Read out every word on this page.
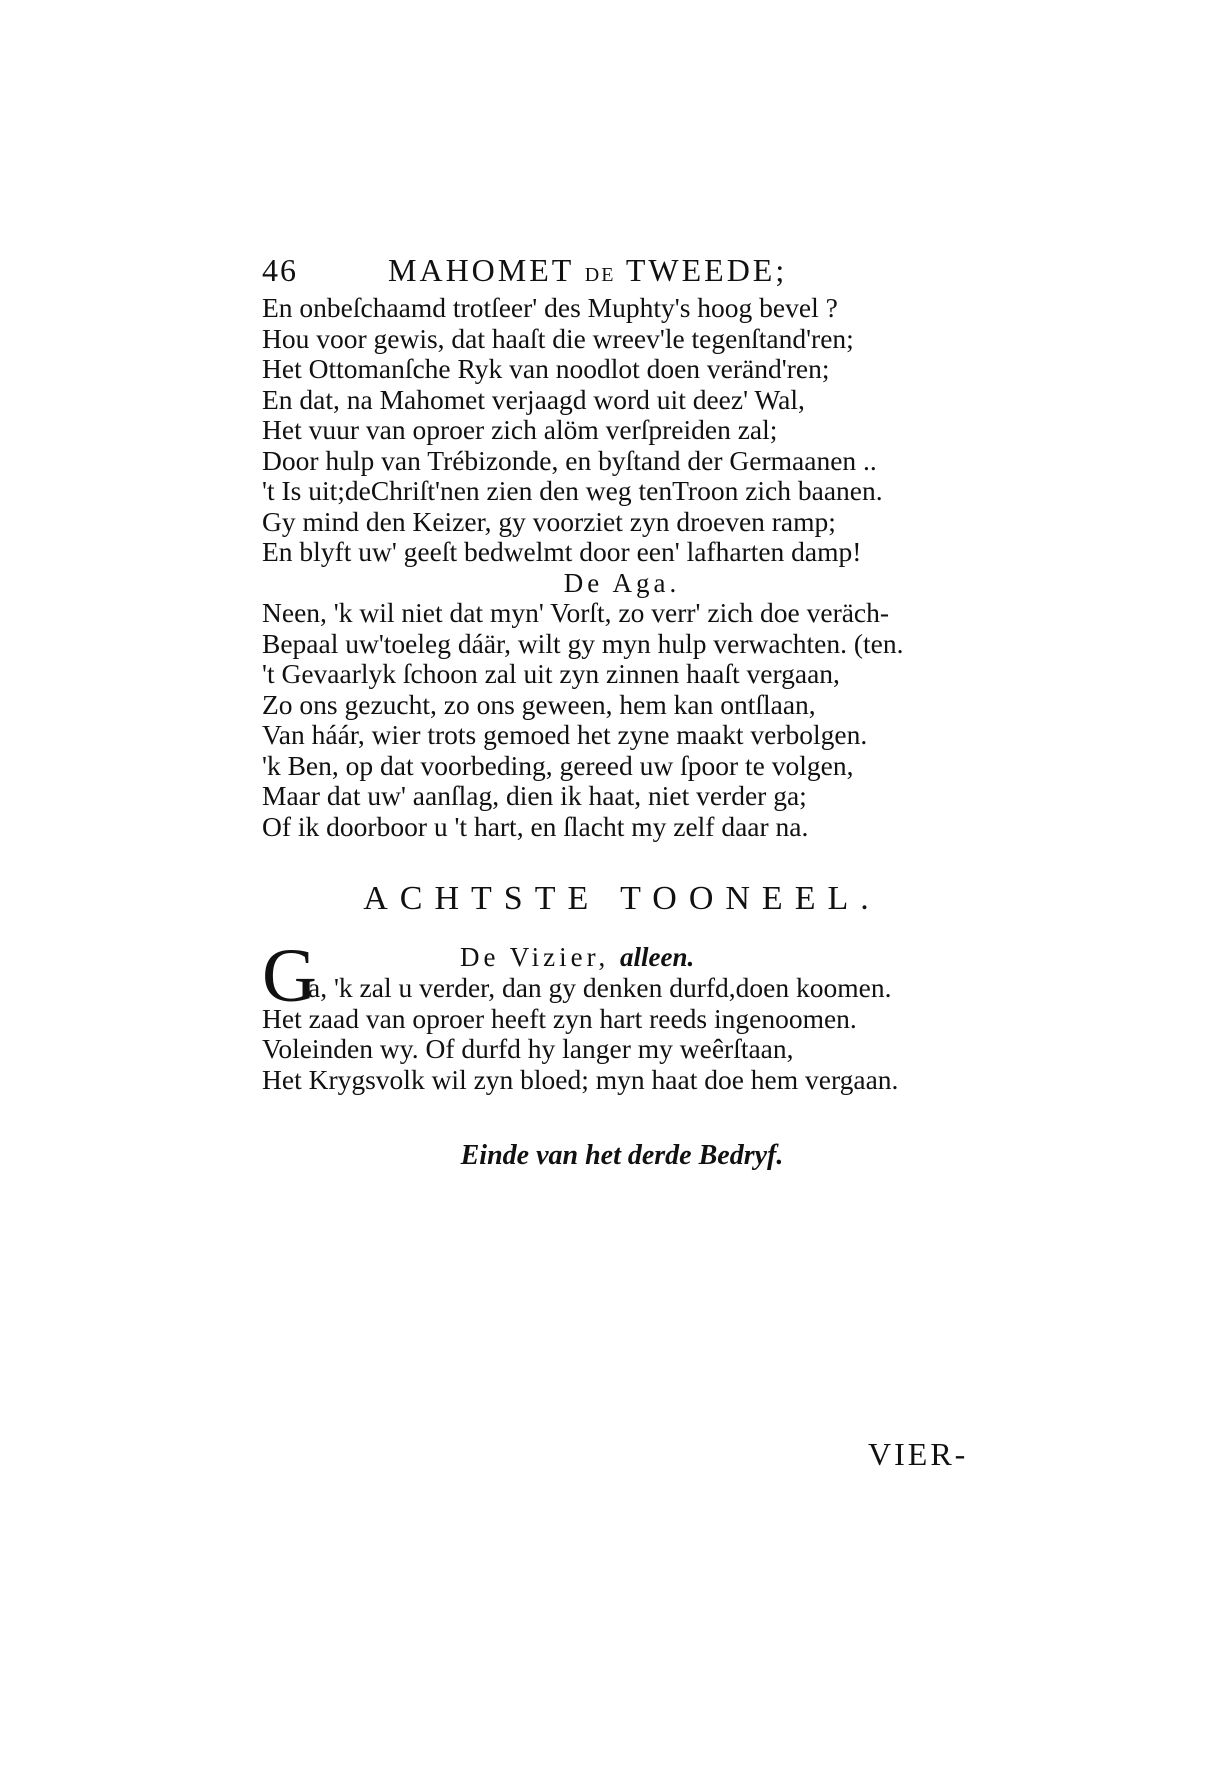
46	MAHOMET DE TWEEDE;
En onbeſchaamd trotſeer' des Muphty's hoog bevel ?
Hou voor gewis, dat haaſt die wreev'le tegenſtand'ren;
Het Ottomanſche Ryk van noodlot doen veränd'ren;
En dat, na Mahomet verjaagd word uit deez' Wal,
Het vuur van oproer zich alöm verſpreiden zal;
Door hulp van Trébizonde, en byſtand der Germaanen ..
't Is uit;deChriſt'nen zien den weg tenTroon zich baanen.
Gy mind den Keizer, gy voorziet zyn droeven ramp;
En blyft uw' geeſt bedwelmt door een' lafharten damp!
De Aga.
Neen, 'k wil niet dat myn' Vorſt, zo verr' zich doe veräch-
Bepaal uw'toeleg dáär, wilt gy myn hulp verwachten. (ten.
't Gevaarlyk ſchoon zal uit zyn zinnen haaſt vergaan,
Zo ons gezucht, zo ons geween, hem kan ontſlaan,
Van háár, wier trots gemoed het zyne maakt verbolgen.
'k Ben, op dat voorbeding, gereed uw ſpoor te volgen,
Maar dat uw' aanſlag, dien ik haat, niet verder ga;
Of ik doorboor u 't hart, en ſlacht my zelf daar na.
ACHTSTE TOONEEL.
De Vizier, alleen.
G
a, 'k zal u verder, dan gy denken durfd,doen koomen.
Het zaad van oproer heeft zyn hart reeds ingenoomen.
Voleinden wy. Of durfd hy langer my weêrſtaan,
Het Krygsvolk wil zyn bloed; myn haat doe hem vergaan.
Einde van het derde Bedryf.
VIER-
